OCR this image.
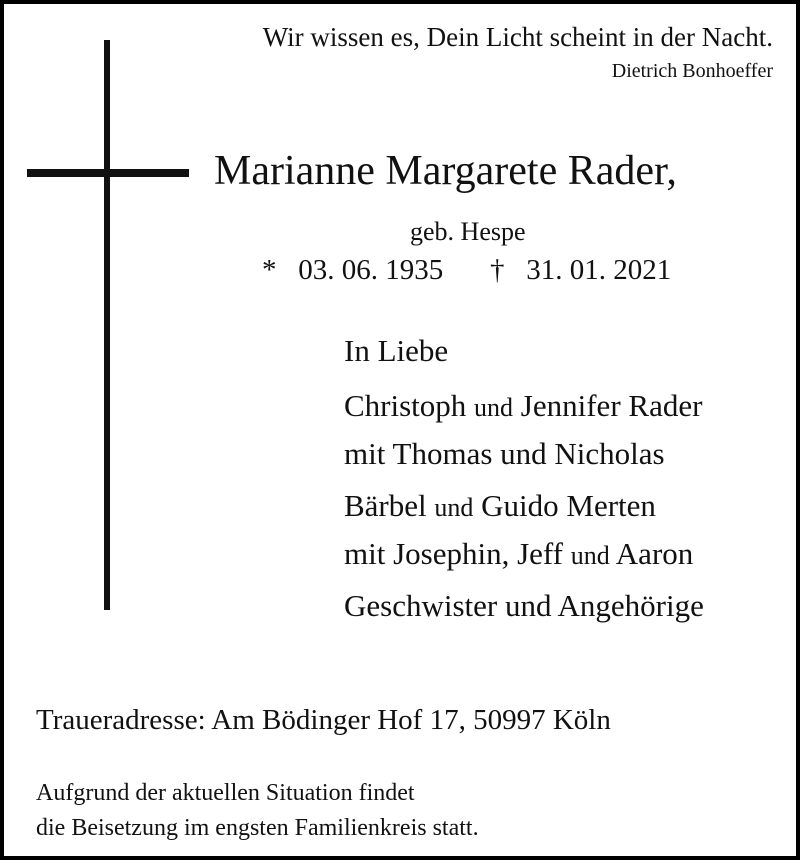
Wir wissen es, Dein Licht scheint in der Nacht.
Dietrich Bonhoeffer
Marianne Margarete Rader,
geb. Hespe
* 03. 06. 1935 † 31. 01. 2021
In Liebe
Christoph und Jennifer Rader
mit Thomas und Nicholas
Bärbel und Guido Merten
mit Josephin, Jeff und Aaron
Geschwister und Angehörige
Traueradresse: Am Bödinger Hof 17, 50997 Köln
Aufgrund der aktuellen Situation findet
die Beisetzung im engsten Familienkreis statt.
